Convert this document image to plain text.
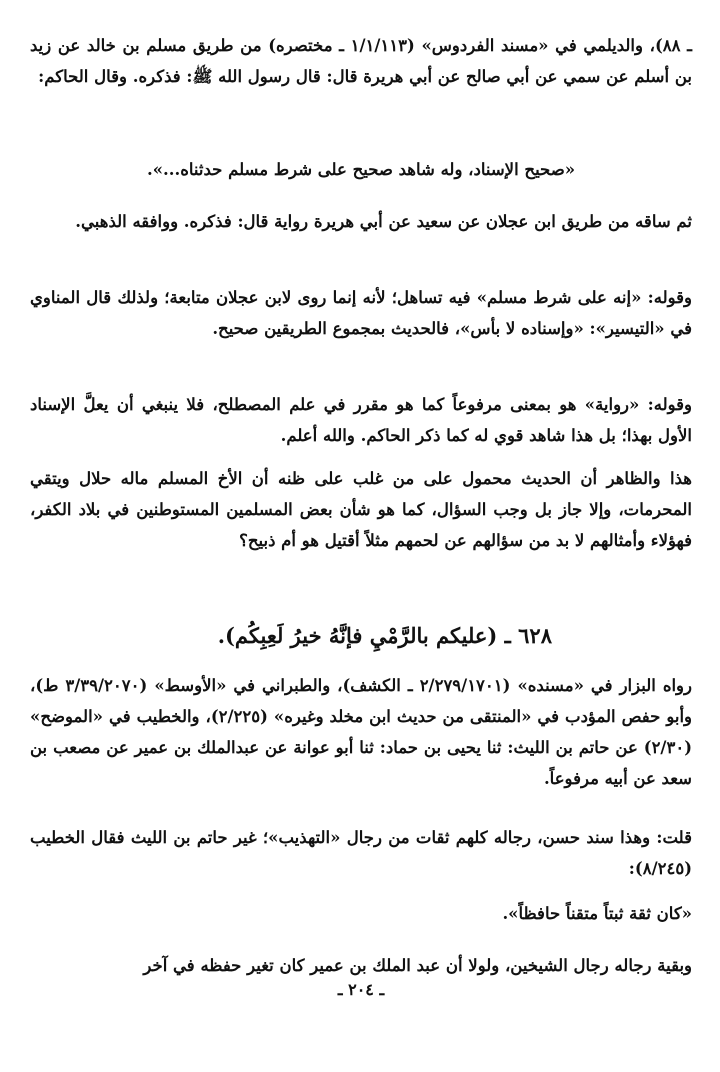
ـ ٨٨)، والديلمي في «مسند الفردوس» (١/١/١١٣ ـ مختصره) من طريق مسلم بن خالد عن زيد بن أسلم عن سمي عن أبي صالح عن أبي هريرة قال: قال رسول الله ﷺ: فذكره. وقال الحاكم:

«صحيح الإسناد، وله شاهد صحيح على شرط مسلم حدثناه...».

ثم ساقه من طريق ابن عجلان عن سعيد عن أبي هريرة رواية قال: فذكره. ووافقه الذهبي.

وقوله: «إنه على شرط مسلم» فيه تساهل؛ لأنه إنما روى لابن عجلان متابعة؛ ولذلك قال المناوي في «التيسير»: «وإسناده لا بأس»، فالحديث بمجموع الطريقين صحيح.

وقوله: «رواية» هو بمعنى مرفوعاً كما هو مقرر في علم المصطلح، فلا ينبغي أن يعلَّ الإسناد الأول بهذا؛ بل هذا شاهد قوي له كما ذكر الحاكم. والله أعلم.

هذا والظاهر أن الحديث محمول على من غلب على ظنه أن الأخ المسلم ماله حلال ويتقي المحرمات، وإلا جاز بل وجب السؤال، كما هو شأن بعض المسلمين المستوطنين في بلاد الكفر، فهؤلاء وأمثالهم لا بد من سؤالهم عن لحمهم مثلاً أقتيل هو أم ذبيح؟

٦٢٨ ـ (عليكم بالرَّمْيِ فإنَّهُ خيرُ لَعِبِكُم).

رواه البزار في «مسنده» (٢/٢٧٩/١٧٠١ ـ الكشف)، والطبراني في «الأوسط» (٣/٣٩/٢٠٧٠ ط)، وأبو حفص المؤدب في «المنتقى من حديث ابن مخلد وغيره» (٢/٢٢٥)، والخطيب في «الموضح» (٢/٣٠) عن حاتم بن الليث: ثنا يحيى بن حماد: ثنا أبو عوانة عن عبدالملك بن عمير عن مصعب بن سعد عن أبيه مرفوعاً.

قلت: وهذا سند حسن، رجاله كلهم ثقات من رجال «التهذيب»؛ غير حاتم بن الليث فقال الخطيب (٨/٢٤٥):

«كان ثقة ثبتاً متقناً حافظاً».

وبقية رجاله رجال الشيخين، ولولا أن عبد الملك بن عمير كان تغير حفظه في آخر

ـ ٢٠٤ ـ
